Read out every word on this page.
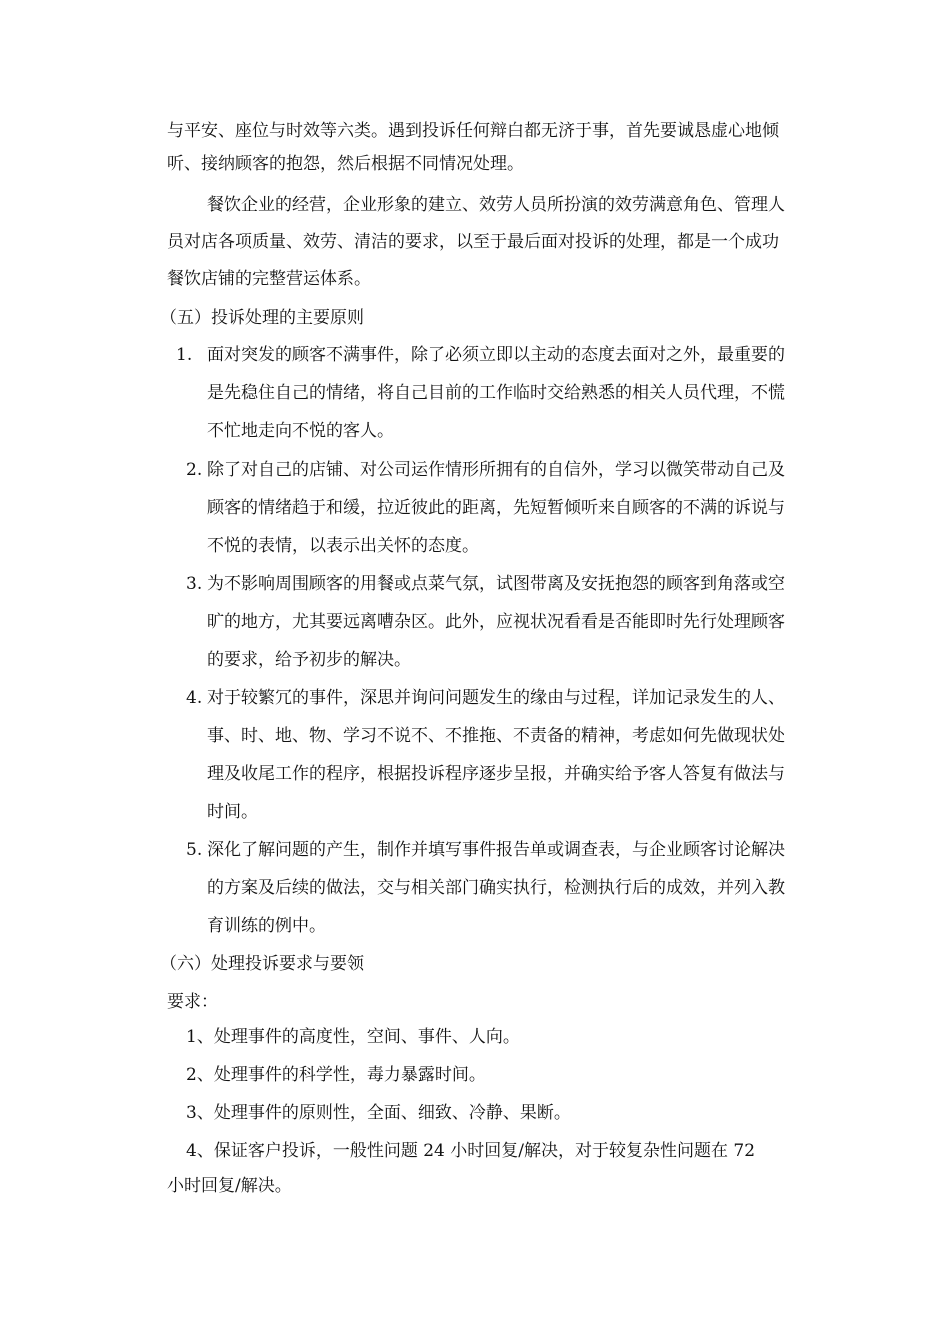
与平安、座位与时效等六类。遇到投诉任何辩白都无济于事，首先要诚恳虚心地倾
听、接纳顾客的抱怨，然后根据不同情况处理。
餐饮企业的经营，企业形象的建立、效劳人员所扮演的效劳满意角色、管理人
员对店各项质量、效劳、清洁的要求，以至于最后面对投诉的处理，都是一个成功
餐饮店铺的完整营运体系。
（五）投诉处理的主要原则
1. 面对突发的顾客不满事件，除了必须立即以主动的态度去面对之外，最重要的
是先稳住自己的情绪，将自己目前的工作临时交给熟悉的相关人员代理，不慌
不忙地走向不悦的客人。
2. 除了对自己的店铺、对公司运作情形所拥有的自信外，学习以微笑带动自己及
顾客的情绪趋于和缓，拉近彼此的距离，先短暂倾听来自顾客的不满的诉说与
不悦的表情，以表示出关怀的态度。
3. 为不影响周围顾客的用餐或点菜气氛，试图带离及安抚抱怨的顾客到角落或空
旷的地方，尤其要远离嘈杂区。此外，应视状况看看是否能即时先行处理顾客
的要求，给予初步的解决。
4. 对于较繁冗的事件，深思并询问问题发生的缘由与过程，详加记录发生的人、
事、时、地、物、学习不说不、不推拖、不责备的精神，考虑如何先做现状处
理及收尾工作的程序，根据投诉程序逐步呈报，并确实给予客人答复有做法与
时间。
5. 深化了解问题的产生，制作并填写事件报告单或调查表，与企业顾客讨论解决
的方案及后续的做法，交与相关部门确实执行，检测执行后的成效，并列入教
育训练的例中。
（六）处理投诉要求与要领
要求：
1、处理事件的高度性，空间、事件、人向。
2、处理事件的科学性，毒力暴露时间。
3、处理事件的原则性，全面、细致、冷静、果断。
4、保证客户投诉，一般性问题 24 小时回复/解决，对于较复杂性问题在 72
小时回复/解决。
